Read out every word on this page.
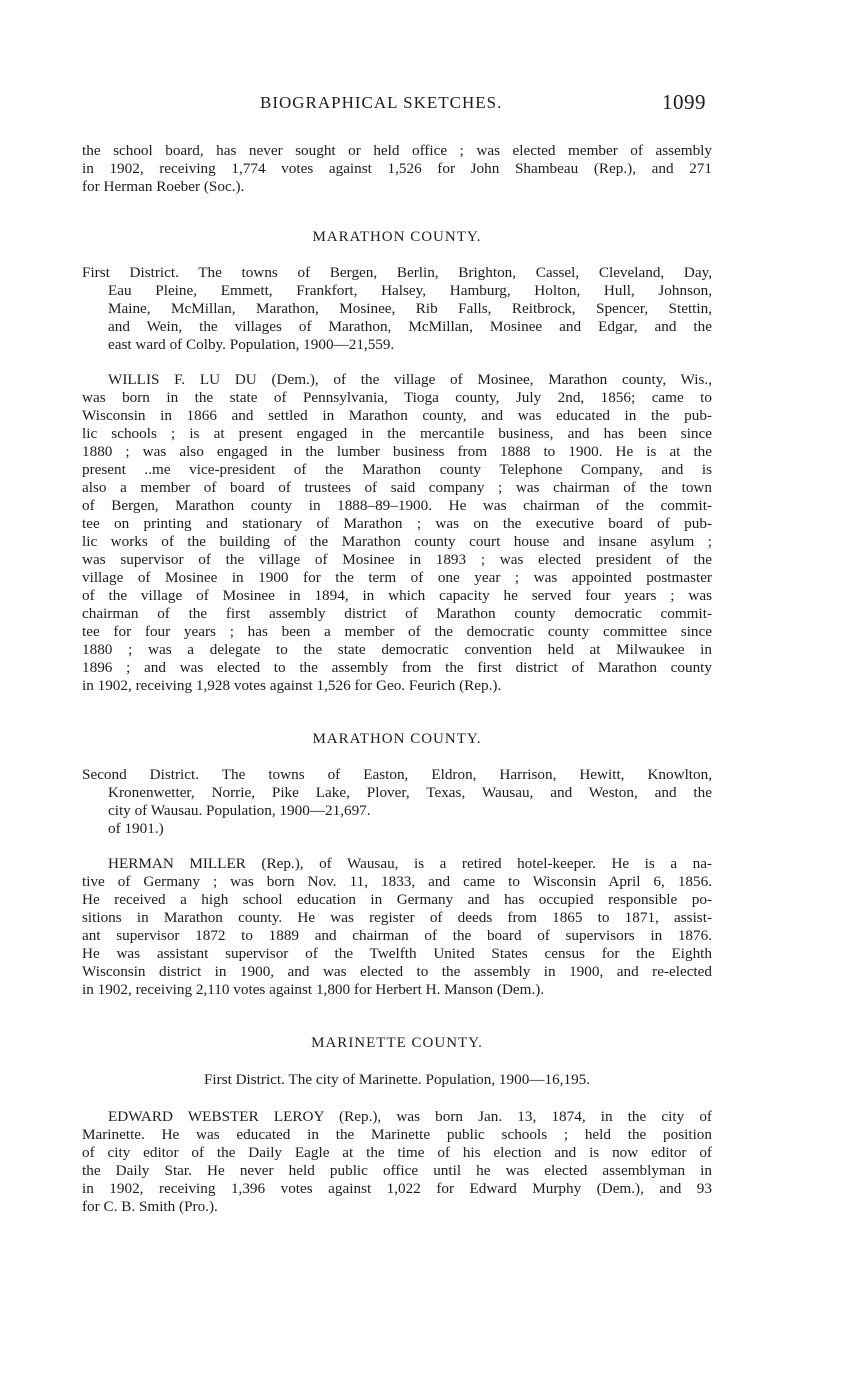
BIOGRAPHICAL SKETCHES.	1099
the school board, has never sought or held office ; was elected member of assembly
in 1902, receiving 1,774 votes against 1,526 for John Shambeau (Rep.), and 271
for Herman Roeber (Soc.).
MARATHON COUNTY.
First District. The towns of Bergen, Berlin, Brighton, Cassel, Cleveland, Day,
Eau Pleine, Emmett, Frankfort, Halsey, Hamburg, Holton, Hull, Johnson,
Maine, McMillan, Marathon, Mosinee, Rib Falls, Reitbrock, Spencer, Stettin,
and Wein, the villages of Marathon, McMillan, Mosinee and Edgar, and the
east ward of Colby. Population, 1900—21,559.
WILLIS F. LU DU (Dem.), of the village of Mosinee, Marathon county, Wis.,
was born in the state of Pennsylvania, Tioga county, July 2nd, 1856; came to
Wisconsin in 1866 and settled in Marathon county, and was educated in the pub-
lic schools ; is at present engaged in the mercantile business, and has been since
1880 ; was also engaged in the lumber business from 1888 to 1900. He is at the
present ..me vice-president of the Marathon county Telephone Company, and is
also a member of board of trustees of said company ; was chairman of the town
of Bergen, Marathon county in 1888–89–1900. He was chairman of the commit-
tee on printing and stationary of Marathon ; was on the executive board of pub-
lic works of the building of the Marathon county court house and insane asylum ;
was supervisor of the village of Mosinee in 1893 ; was elected president of the
village of Mosinee in 1900 for the term of one year ; was appointed postmaster
of the village of Mosinee in 1894, in which capacity he served four years ; was
chairman of the first assembly district of Marathon county democratic commit-
tee for four years ; has been a member of the democratic county committee since
1880 ; was a delegate to the state democratic convention held at Milwaukee in
1896 ; and was elected to the assembly from the first district of Marathon county
in 1902, receiving 1,928 votes against 1,526 for Geo. Feurich (Rep.).
MARATHON COUNTY.
Second District. The towns of Easton, Eldron, Harrison, Hewitt, Knowlton,
Kronenwetter, Norrie, Pike Lake, Plover, Texas, Wausau, and Weston, and the
city of Wausau. Population, 1900—21,697.
of 1901.)
HERMAN MILLER (Rep.), of Wausau, is a retired hotel-keeper. He is a na-
tive of Germany ; was born Nov. 11, 1833, and came to Wisconsin April 6, 1856.
He received a high school education in Germany and has occupied responsible po-
sitions in Marathon county. He was register of deeds from 1865 to 1871, assist-
ant supervisor 1872 to 1889 and chairman of the board of supervisors in 1876.
He was assistant supervisor of the Twelfth United States census for the Eighth
Wisconsin district in 1900, and was elected to the assembly in 1900, and re-elected
in 1902, receiving 2,110 votes against 1,800 for Herbert H. Manson (Dem.).
MARINETTE COUNTY.
First District. The city of Marinette. Population, 1900—16,195.
EDWARD WEBSTER LEROY (Rep.), was born Jan. 13, 1874, in the city of
Marinette. He was educated in the Marinette public schools ; held the position
of city editor of the Daily Eagle at the time of his election and is now editor of
the Daily Star. He never held public office until he was elected assemblyman in
in 1902, receiving 1,396 votes against 1,022 for Edward Murphy (Dem.), and 93
for C. B. Smith (Pro.).
